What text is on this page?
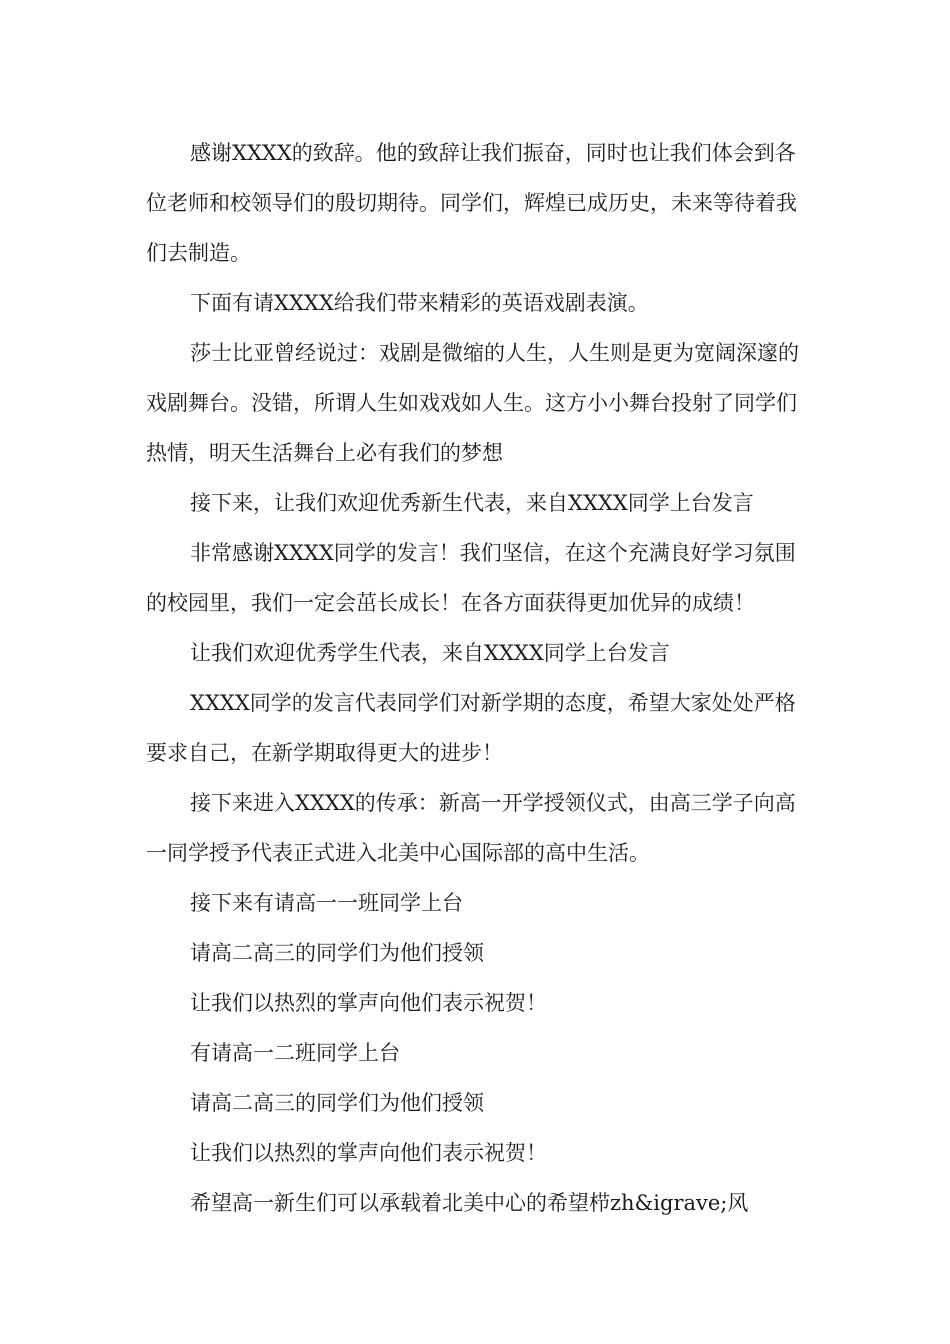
感谢XXXX的致辞。他的致辞让我们振奋，同时也让我们体会到各位老师和校领导们的殷切期待。同学们，辉煌已成历史，未来等待着我们去制造。

下面有请XXXX给我们带来精彩的英语戏剧表演。

莎士比亚曾经说过：戏剧是微缩的人生，人生则是更为宽阔深邃的戏剧舞台。没错，所谓人生如戏戏如人生。这方小小舞台投射了同学们热情，明天生活舞台上必有我们的梦想

接下来，让我们欢迎优秀新生代表，来自XXXX同学上台发言

非常感谢XXXX同学的发言！我们坚信，在这个充满良好学习氛围的校园里，我们一定会茁长成长！在各方面获得更加优异的成绩！

让我们欢迎优秀学生代表，来自XXXX同学上台发言

XXXX同学的发言代表同学们对新学期的态度，希望大家处处严格要求自己，在新学期取得更大的进步！

接下来进入XXXX的传承：新高一开学授领仪式，由高三学子向高一同学授予代表正式进入北美中心国际部的高中生活。

接下来有请高一一班同学上台

请高二高三的同学们为他们授领

让我们以热烈的掌声向他们表示祝贺！

有请高一二班同学上台

请高二高三的同学们为他们授领

让我们以热烈的掌声向他们表示祝贺！

希望高一新生们可以承载着北美中心的希望栉zh&igrave;风
